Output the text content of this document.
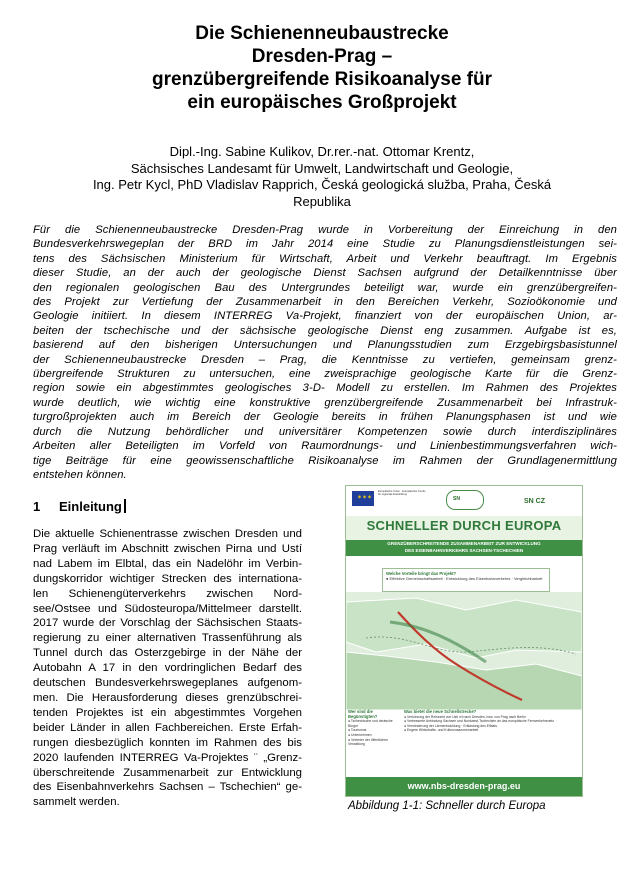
Die Schienenneubaustrecke
Dresden-Prag –
grenzübergreifende Risikoanalyse für
ein europäisches Großprojekt
Dipl.-Ing. Sabine Kulikov, Dr.rer.-nat. Ottomar Krentz,
Sächsisches Landesamt für Umwelt, Landwirtschaft und Geologie,
Ing. Petr Kycl, PhD Vladislav Rapprich, Česká geologická služba, Praha, Česká
Republika
Für die Schienenneubaustrecke Dresden-Prag wurde in Vorbereitung der Einreichung in den
Bundesverkehrswegeplan der BRD im Jahr 2014 eine Studie zu Planungsdienstleistungen sei-
tens des Sächsischen Ministerium für Wirtschaft, Arbeit und Verkehr beauftragt. Im Ergebnis
dieser Studie, an der auch der geologische Dienst Sachsen aufgrund der Detailkenntnisse über
den regionalen geologischen Bau des Untergrundes beteiligt war, wurde ein grenzübergreifen-
des Projekt zur Vertiefung der Zusammenarbeit in den Bereichen Verkehr, Sozioökonomie und
Geologie initiiert. In diesem INTERREG Va-Projekt, finanziert von der europäischen Union, ar-
beiten der tschechische und der sächsische geologische Dienst eng zusammen. Aufgabe ist es,
basierend auf den bisherigen Untersuchungen und Planungsstudien zum Erzgebirgsbasistunnel
der Schienenneubaustrecke Dresden – Prag, die Kenntnisse zu vertiefen, gemeinsam grenz-
übergreifende Strukturen zu untersuchen, eine zweisprachige geologische Karte für die Grenz-
region sowie ein abgestimmtes geologisches 3-D- Modell zu erstellen. Im Rahmen des Projektes
wurde deutlich, wie wichtig eine konstruktive grenzübergreifende Zusammenarbeit bei Infrastruk-
turgroßprojekten auch im Bereich der Geologie bereits in frühen Planungsphasen ist und wie
durch die Nutzung behördlicher und universitärer Kompetenzen sowie durch interdisziplinäres
Arbeiten aller Beteiligten im Vorfeld von Raumordnungs- und Linienbestimmungsverfahren wich-
tige Beiträge für eine geowissenschaftliche Risikoanalyse im Rahmen der Grundlagenermittlung
entstehen können.
1 Einleitung
Die aktuelle Schienentrasse zwischen Dresden und
Prag verläuft im Abschnitt zwischen Pirna und Ustí
nad Labem im Elbtal, das ein Nadelöhr im Verbin-
dungskorridor wichtiger Strecken des internationa-
len Schienengüterverkehrs zwischen Nord-
see/Ostsee und Südosteuropa/Mittelmeer darstellt.
2017 wurde der Vorschlag der Sächsischen Staats-
regierung zu einer alternativen Trassenführung als
Tunnel durch das Osterzgebirge in der Nähe der
Autobahn A 17 in den vordringlichen Bedarf des
deutschen Bundesverkehrswegeplanes aufgenom-
men. Die Herausforderung dieses grenzübschrei-
tenden Projektes ist ein abgestimmtes Vorgehen
beider Länder in allen Fachbereichen. Erste Erfah-
rungen diesbezüglich konnten im Rahmen des bis
2020 laufenden INTERREG Va-Projektes ¨ „Grenz-
überschreitende Zusammenarbeit zur Entwicklung
des Eisenbahnverkehrs Sachsen – Tschechien“ ge-
sammelt werden.
✶✶✶
Europäische Union · Europäischer Fonds für regionale Entwicklung
SN	SN CZ
SCHNELLER DURCH EUROPA
GRENZÜBERSCHREITENDE ZUSAMMENARBEIT ZUR ENTWICKLUNG
DES EISENBAHNVERKEHRS SACHSEN-TSCHECHIEN
Welche Vorteile bringt das Projekt?
● Effektive Gemeinschaftsarbeit · Entwicklung des Eisenbahnverkehrs · Vergleichbarkeit
Wer sind die Begünstigten?
● Tschechische und deutsche Bürger
● Tourismus
● Unternehmen
● Vertreter der öffentlichen Verwaltung
Was bietet die neue Schnellstrecke?
● Verkürzung der Reisezeit von Usti n/l nach Dresden, bzw. von Prag nach Berlin
● Verbesserte Anbindung Sachsen und Nordwest-Tschechien an das europäische Fernverkehrsnetz
● Verminderung der Lärmentwicklung · Entlastung des Elbtals
● Engere Wirtschafts- und Kulturzusammenarbeit
www.nbs-dresden-prag.eu
Abbildung 1-1: Schneller durch Europa
